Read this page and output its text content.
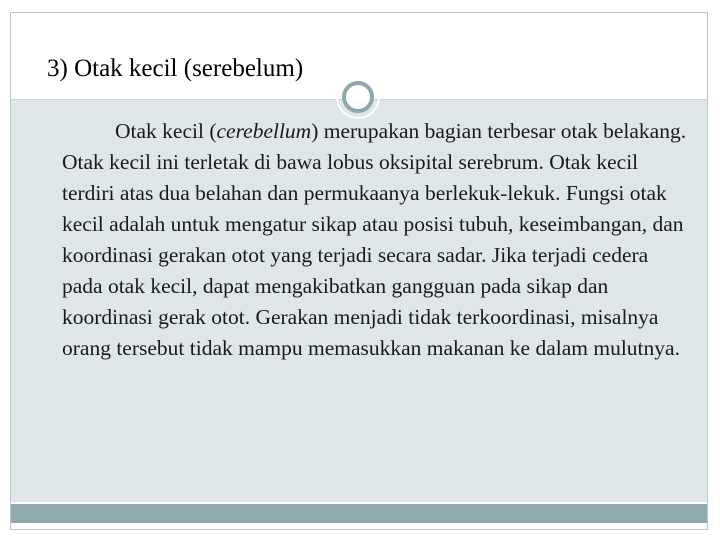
3) Otak kecil (serebelum)

Otak kecil (cerebellum) merupakan bagian terbesar otak belakang. Otak kecil ini terletak di bawa lobus oksipital serebrum. Otak kecil terdiri atas dua belahan dan permukaanya berlekuk-lekuk. Fungsi otak kecil adalah untuk mengatur sikap atau posisi tubuh, keseimbangan, dan koordinasi gerakan otot yang terjadi secara sadar. Jika terjadi cedera pada otak kecil, dapat mengakibatkan gangguan pada sikap dan koordinasi gerak otot. Gerakan menjadi tidak terkoordinasi, misalnya orang tersebut tidak mampu memasukkan makanan ke dalam mulutnya.
